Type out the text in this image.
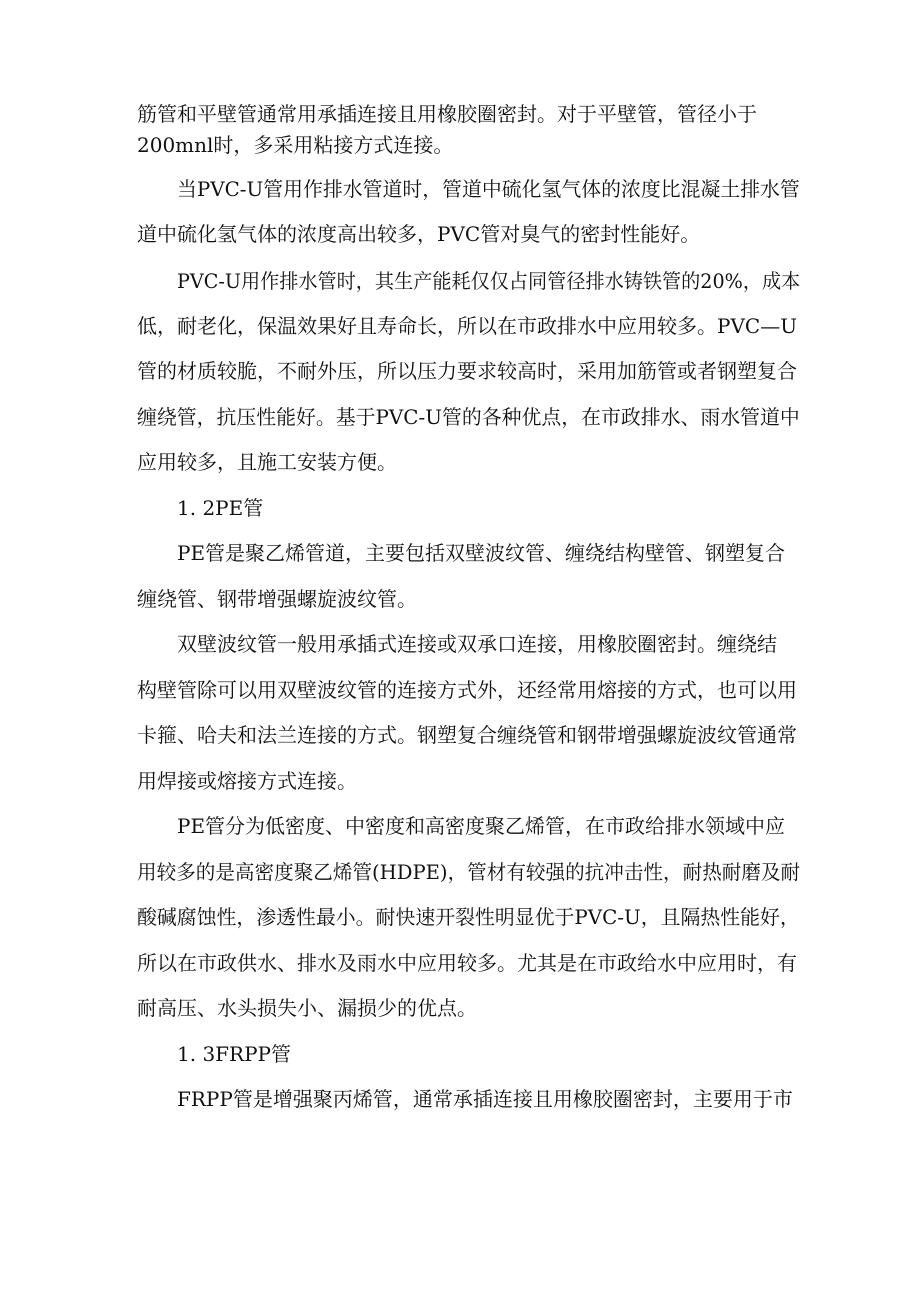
筋管和平壁管通常用承插连接且用橡胶圈密封。对于平壁管，管径小于
200mnl时，多采用粘接方式连接。
当PVC-U管用作排水管道时，管道中硫化氢气体的浓度比混凝土排水管
道中硫化氢气体的浓度高出较多，PVC管对臭气的密封性能好。
PVC-U用作排水管时，其生产能耗仅仅占同管径排水铸铁管的20%，成本
低，耐老化，保温效果好且寿命长，所以在市政排水中应用较多。PVC—U
管的材质较脆，不耐外压，所以压力要求较高时，采用加筋管或者钢塑复合
缠绕管，抗压性能好。基于PVC-U管的各种优点，在市政排水、雨水管道中
应用较多，且施工安装方便。
1. 2PE管
PE管是聚乙烯管道，主要包括双壁波纹管、缠绕结构壁管、钢塑复合
缠绕管、钢带增强螺旋波纹管。
双壁波纹管一般用承插式连接或双承口连接，用橡胶圈密封。缠绕结
构壁管除可以用双壁波纹管的连接方式外，还经常用熔接的方式，也可以用
卡箍、哈夫和法兰连接的方式。钢塑复合缠绕管和钢带增强螺旋波纹管通常
用焊接或熔接方式连接。
PE管分为低密度、中密度和高密度聚乙烯管，在市政给排水领域中应
用较多的是高密度聚乙烯管(HDPE)，管材有较强的抗冲击性，耐热耐磨及耐
酸碱腐蚀性，渗透性最小。耐快速开裂性明显优于PVC-U，且隔热性能好，
所以在市政供水、排水及雨水中应用较多。尤其是在市政给水中应用时，有
耐高压、水头损失小、漏损少的优点。
1. 3FRPP管
FRPP管是增强聚丙烯管，通常承插连接且用橡胶圈密封，主要用于市
